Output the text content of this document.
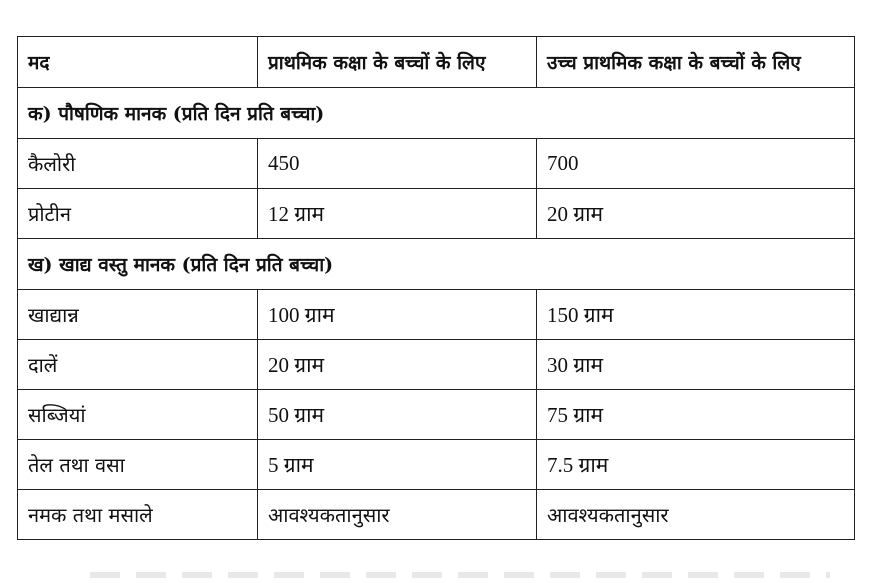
मद	प्राथमिक कक्षा के बच्चों के लिए	उच्च प्राथमिक कक्षा के बच्चों के लिए
क) पौषणिक मानक (प्रति दिन प्रति बच्चा)		
कैलोरी	450	700
प्रोटीन	12 ग्राम	20 ग्राम
ख) खाद्य वस्तु मानक (प्रति दिन प्रति बच्चा)		
खाद्यान्न	100 ग्राम	150 ग्राम
दालें	20 ग्राम	30 ग्राम
सब्जियां	50 ग्राम	75 ग्राम
तेल तथा वसा	5 ग्राम	7.5 ग्राम
नमक तथा मसाले	आवश्यकतानुसार	आवश्यकतानुसार
